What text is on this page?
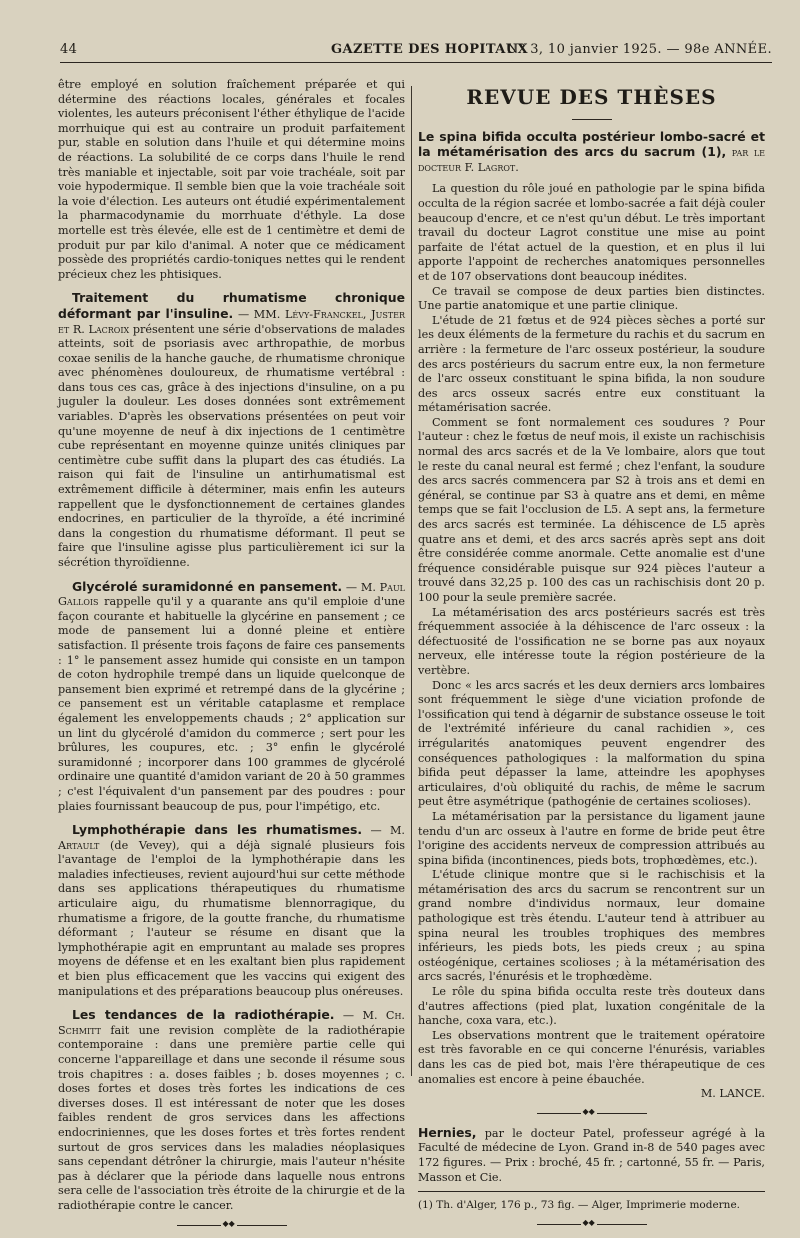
44	GAZETTE DES HOPITAUX
N° 3, 10 janvier 1925. — 98e ANNÉE.

être employé en solution fraîchement préparée et qui détermine des réactions locales, générales et focales violentes, les auteurs préconisent l'éther éthylique de l'acide morrhuique qui est au contraire un produit parfaitement pur, stable en solution dans l'huile et qui détermine moins de réactions. La solubilité de ce corps dans l'huile le rend très maniable et injectable, soit par voie trachéale, soit par voie hypodermique. Il semble bien que la voie trachéale soit la voie d'élection. Les auteurs ont étudié expérimentalement la pharmacodynamie du morrhuate d'éthyle. La dose mortelle est très élevée, elle est de 1 centimètre et demi de produit pur par kilo d'animal. A noter que ce médicament possède des propriétés cardio-toniques nettes qui le rendent précieux chez les phtisiques.

Traitement du rhumatisme chronique déformant par l'insuline. — MM. Lévy-Franckel, Juster et R. Lacroix présentent une série d'observations de malades atteints, soit de psoriasis avec arthropathie, de morbus coxae senilis de la hanche gauche, de rhumatisme chronique avec phénomènes douloureux, de rhumatisme vertébral : dans tous ces cas, grâce à des injections d'insuline, on a pu juguler la douleur. Les doses données sont extrêmement variables. D'après les observations présentées on peut voir qu'une moyenne de neuf à dix injections de 1 centimètre cube représentant en moyenne quinze unités cliniques par centimètre cube suffit dans la plupart des cas étudiés. La raison qui fait de l'insuline un antirhumatismal est extrêmement difficile à déterminer, mais enfin les auteurs rappellent que le dysfonctionnement de certaines glandes endocrines, en particulier de la thyroïde, a été incriminé dans la congestion du rhumatisme déformant. Il peut se faire que l'insuline agisse plus particulièrement ici sur la sécrétion thyroïdienne.

Glycérolé suramidonné en pansement. — M. Paul Gallois rappelle qu'il y a quarante ans qu'il emploie d'une façon courante et habituelle la glycérine en pansement ; ce mode de pansement lui a donné pleine et entière satisfaction. Il présente trois façons de faire ces pansements : 1° le pansement assez humide qui consiste en un tampon de coton hydrophile trempé dans un liquide quelconque de pansement bien exprimé et retrempé dans de la glycérine ; ce pansement est un véritable cataplasme et remplace également les enveloppements chauds ; 2° application sur un lint du glycérolé d'amidon du commerce ; sert pour les brûlures, les coupures, etc. ; 3° enfin le glycérolé suramidonné ; incorporer dans 100 grammes de glycérolé ordinaire une quantité d'amidon variant de 20 à 50 grammes ; c'est l'équivalent d'un pansement par des poudres : pour plaies fournissant beaucoup de pus, pour l'impétigo, etc.

Lymphothérapie dans les rhumatismes. — M. Artault (de Vevey), qui a déjà signalé plusieurs fois l'avantage de l'emploi de la lymphothérapie dans les maladies infectieuses, revient aujourd'hui sur cette méthode dans ses applications thérapeutiques du rhumatisme articulaire aigu, du rhumatisme blennorragique, du rhumatisme a frigore, de la goutte franche, du rhumatisme déformant ; l'auteur se résume en disant que la lymphothérapie agit en empruntant au malade ses propres moyens de défense et en les exaltant bien plus rapidement et bien plus efficacement que les vaccins qui exigent des manipulations et des préparations beaucoup plus onéreuses.

Les tendances de la radiothérapie. — M. Ch. Schmitt fait une revision complète de la radiothérapie contemporaine : dans une première partie celle qui concerne l'appareillage et dans une seconde il résume sous trois chapitres : a. doses faibles ; b. doses moyennes ; c. doses fortes et doses très fortes les indications de ces diverses doses. Il est intéressant de noter que les doses faibles rendent de gros services dans les affections endocriniennes, que les doses fortes et très fortes rendent surtout de gros services dans les maladies néoplasiques sans cependant détrôner la chirurgie, mais l'auteur n'hésite pas à déclarer que la période dans laquelle nous entrons sera celle de l'association très étroite de la chirurgie et de la radiothérapie contre le cancer.

◆◆
REVUE DES THÈSES

Le spina bifida occulta postérieur lombo-sacré et la métamérisation des arcs du sacrum (1), par le docteur F. Lagrot.

La question du rôle joué en pathologie par le spina bifida occulta de la région sacrée et lombo-sacrée a fait déjà couler beaucoup d'encre, et ce n'est qu'un début. Le très important travail du docteur Lagrot constitue une mise au point parfaite de l'état actuel de la question, et en plus il lui apporte l'appoint de recherches anatomiques personnelles et de 107 observations dont beaucoup inédites.

Ce travail se compose de deux parties bien distinctes. Une partie anatomique et une partie clinique.

L'étude de 21 fœtus et de 924 pièces sèches a porté sur les deux éléments de la fermeture du rachis et du sacrum en arrière : la fermeture de l'arc osseux postérieur, la soudure des arcs postérieurs du sacrum entre eux, la non fermeture de l'arc osseux constituant le spina bifida, la non soudure des arcs osseux sacrés entre eux constituant la métamérisation sacrée.

Comment se font normalement ces soudures ? Pour l'auteur : chez le fœtus de neuf mois, il existe un rachischisis normal des arcs sacrés et de la Ve lombaire, alors que tout le reste du canal neural est fermé ; chez l'enfant, la soudure des arcs sacrés commencera par S2 à trois ans et demi en général, se continue par S3 à quatre ans et demi, en même temps que se fait l'occlusion de L5. A sept ans, la fermeture des arcs sacrés est terminée. La déhiscence de L5 après quatre ans et demi, et des arcs sacrés après sept ans doit être considérée comme anormale. Cette anomalie est d'une fréquence considérable puisque sur 924 pièces l'auteur a trouvé dans 32,25 p. 100 des cas un rachischisis dont 20 p. 100 pour la seule première sacrée.

La métamérisation des arcs postérieurs sacrés est très fréquemment associée à la déhiscence de l'arc osseux : la défectuosité de l'ossification ne se borne pas aux noyaux nerveux, elle intéresse toute la région postérieure de la vertèbre.

Donc « les arcs sacrés et les deux derniers arcs lombaires sont fréquemment le siège d'une viciation profonde de l'ossification qui tend à dégarnir de substance osseuse le toit de l'extrémité inférieure du canal rachidien », ces irrégularités anatomiques peuvent engendrer des conséquences pathologiques : la malformation du spina bifida peut dépasser la lame, atteindre les apophyses articulaires, d'où obliquité du rachis, de même le sacrum peut être asymétrique (pathogénie de certaines scolioses).

La métamérisation par la persistance du ligament jaune tendu d'un arc osseux à l'autre en forme de bride peut être l'origine des accidents nerveux de compression attribués au spina bifida (incontinences, pieds bots, trophœdèmes, etc.).

L'étude clinique montre que si le rachischisis et la métamérisation des arcs du sacrum se rencontrent sur un grand nombre d'individus normaux, leur domaine pathologique est très étendu. L'auteur tend à attribuer au spina neural les troubles trophiques des membres inférieurs, les pieds bots, les pieds creux ; au spina ostéogénique, certaines scolioses ; à la métamérisation des arcs sacrés, l'énurésis et le trophœdème.

Le rôle du spina bifida occulta reste très douteux dans d'autres affections (pied plat, luxation congénitale de la hanche, coxa vara, etc.).

Les observations montrent que le traitement opératoire est très favorable en ce qui concerne l'énurésis, variables dans les cas de pied bot, mais l'ère thérapeutique de ces anomalies est encore à peine ébauchée.

M. LANCE.

◆◆

Hernies, par le docteur Patel, professeur agrégé à la Faculté de médecine de Lyon. Grand in-8 de 540 pages avec 172 figures. — Prix : broché, 45 fr. ; cartonné, 55 fr. — Paris, Masson et Cie.

(1) Th. d'Alger, 176 p., 73 fig. — Alger, Imprimerie moderne.

◆◆
